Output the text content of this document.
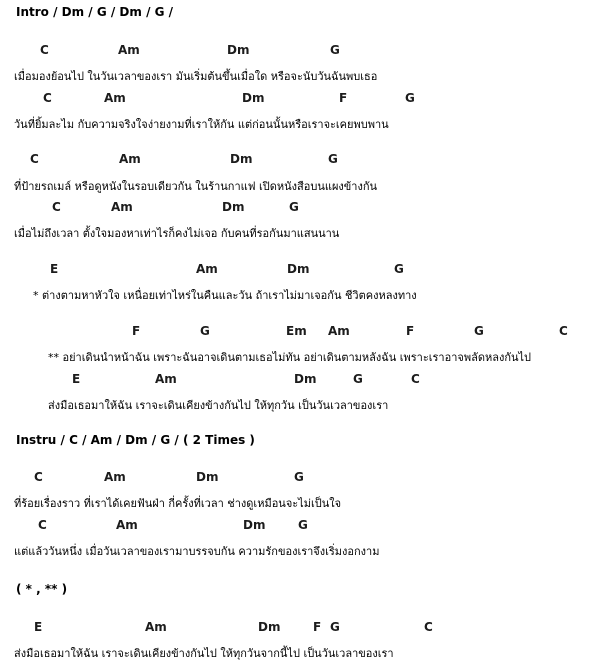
Intro / Dm / G / Dm / G /
C	Am	Dm	G
เมื่อมองย้อนไป ในวันเวลาของเรา มันเริ่มต้นขึ้นเมื่อใด หรือจะนับวันฉันพบเธอ
C	Am	Dm	F	G
วันที่ยิ้มละไม กับความจริงใจง่ายงามที่เราให้กัน แต่ก่อนนั้นหรือเราจะเคยพบพาน
C	Am	Dm	G
ที่ป้ายรถเมล์ หรือดูหนังในรอบเดียวกัน ในร้านกาแฟ เปิดหนังสือบนแผงข้างกัน
C	Am	Dm	G
เมื่อไม่ถึงเวลา ตั้งใจมองหาเท่าไรก็คงไม่เจอ กับคนที่รอกันมาแสนนาน
E	Am	Dm	G
* ต่างตามหาหัวใจ เหนื่อยเท่าไหร่ในคืนและวัน ถ้าเราไม่มาเจอกัน ชีวิตคงหลงทาง
F	G	Em Am	F	G	C
** อย่าเดินนำหน้าฉัน เพราะฉันอาจเดินตามเธอไม่ทัน อย่าเดินตามหลังฉัน เพราะเราอาจพลัดหลงกันไป
E	Am	Dm	G	C
ส่งมือเธอมาให้ฉัน เราจะเดินเคียงข้างกันไป ให้ทุกวัน เป็นวันเวลาของเรา
Instru / C / Am / Dm / G / ( 2 Times )
C	Am	Dm	G
ที่ร้อยเรื่องราว ที่เราได้เคยฟันฝ่า กี่ครั้งที่เวลา ช่างดูเหมือนจะไม่เป็นใจ
C	Am	Dm	G
แต่แล้ววันหนึ่ง เมื่อวันเวลาของเรามาบรรจบกัน ความรักของเราจึงเริ่มงอกงาม
( * , ** )
E	Am	Dm	F G	C
ส่งมือเธอมาให้ฉัน เราจะเดินเคียงข้างกันไป ให้ทุกวันจากนี้ไป เป็นวันเวลาของเรา
